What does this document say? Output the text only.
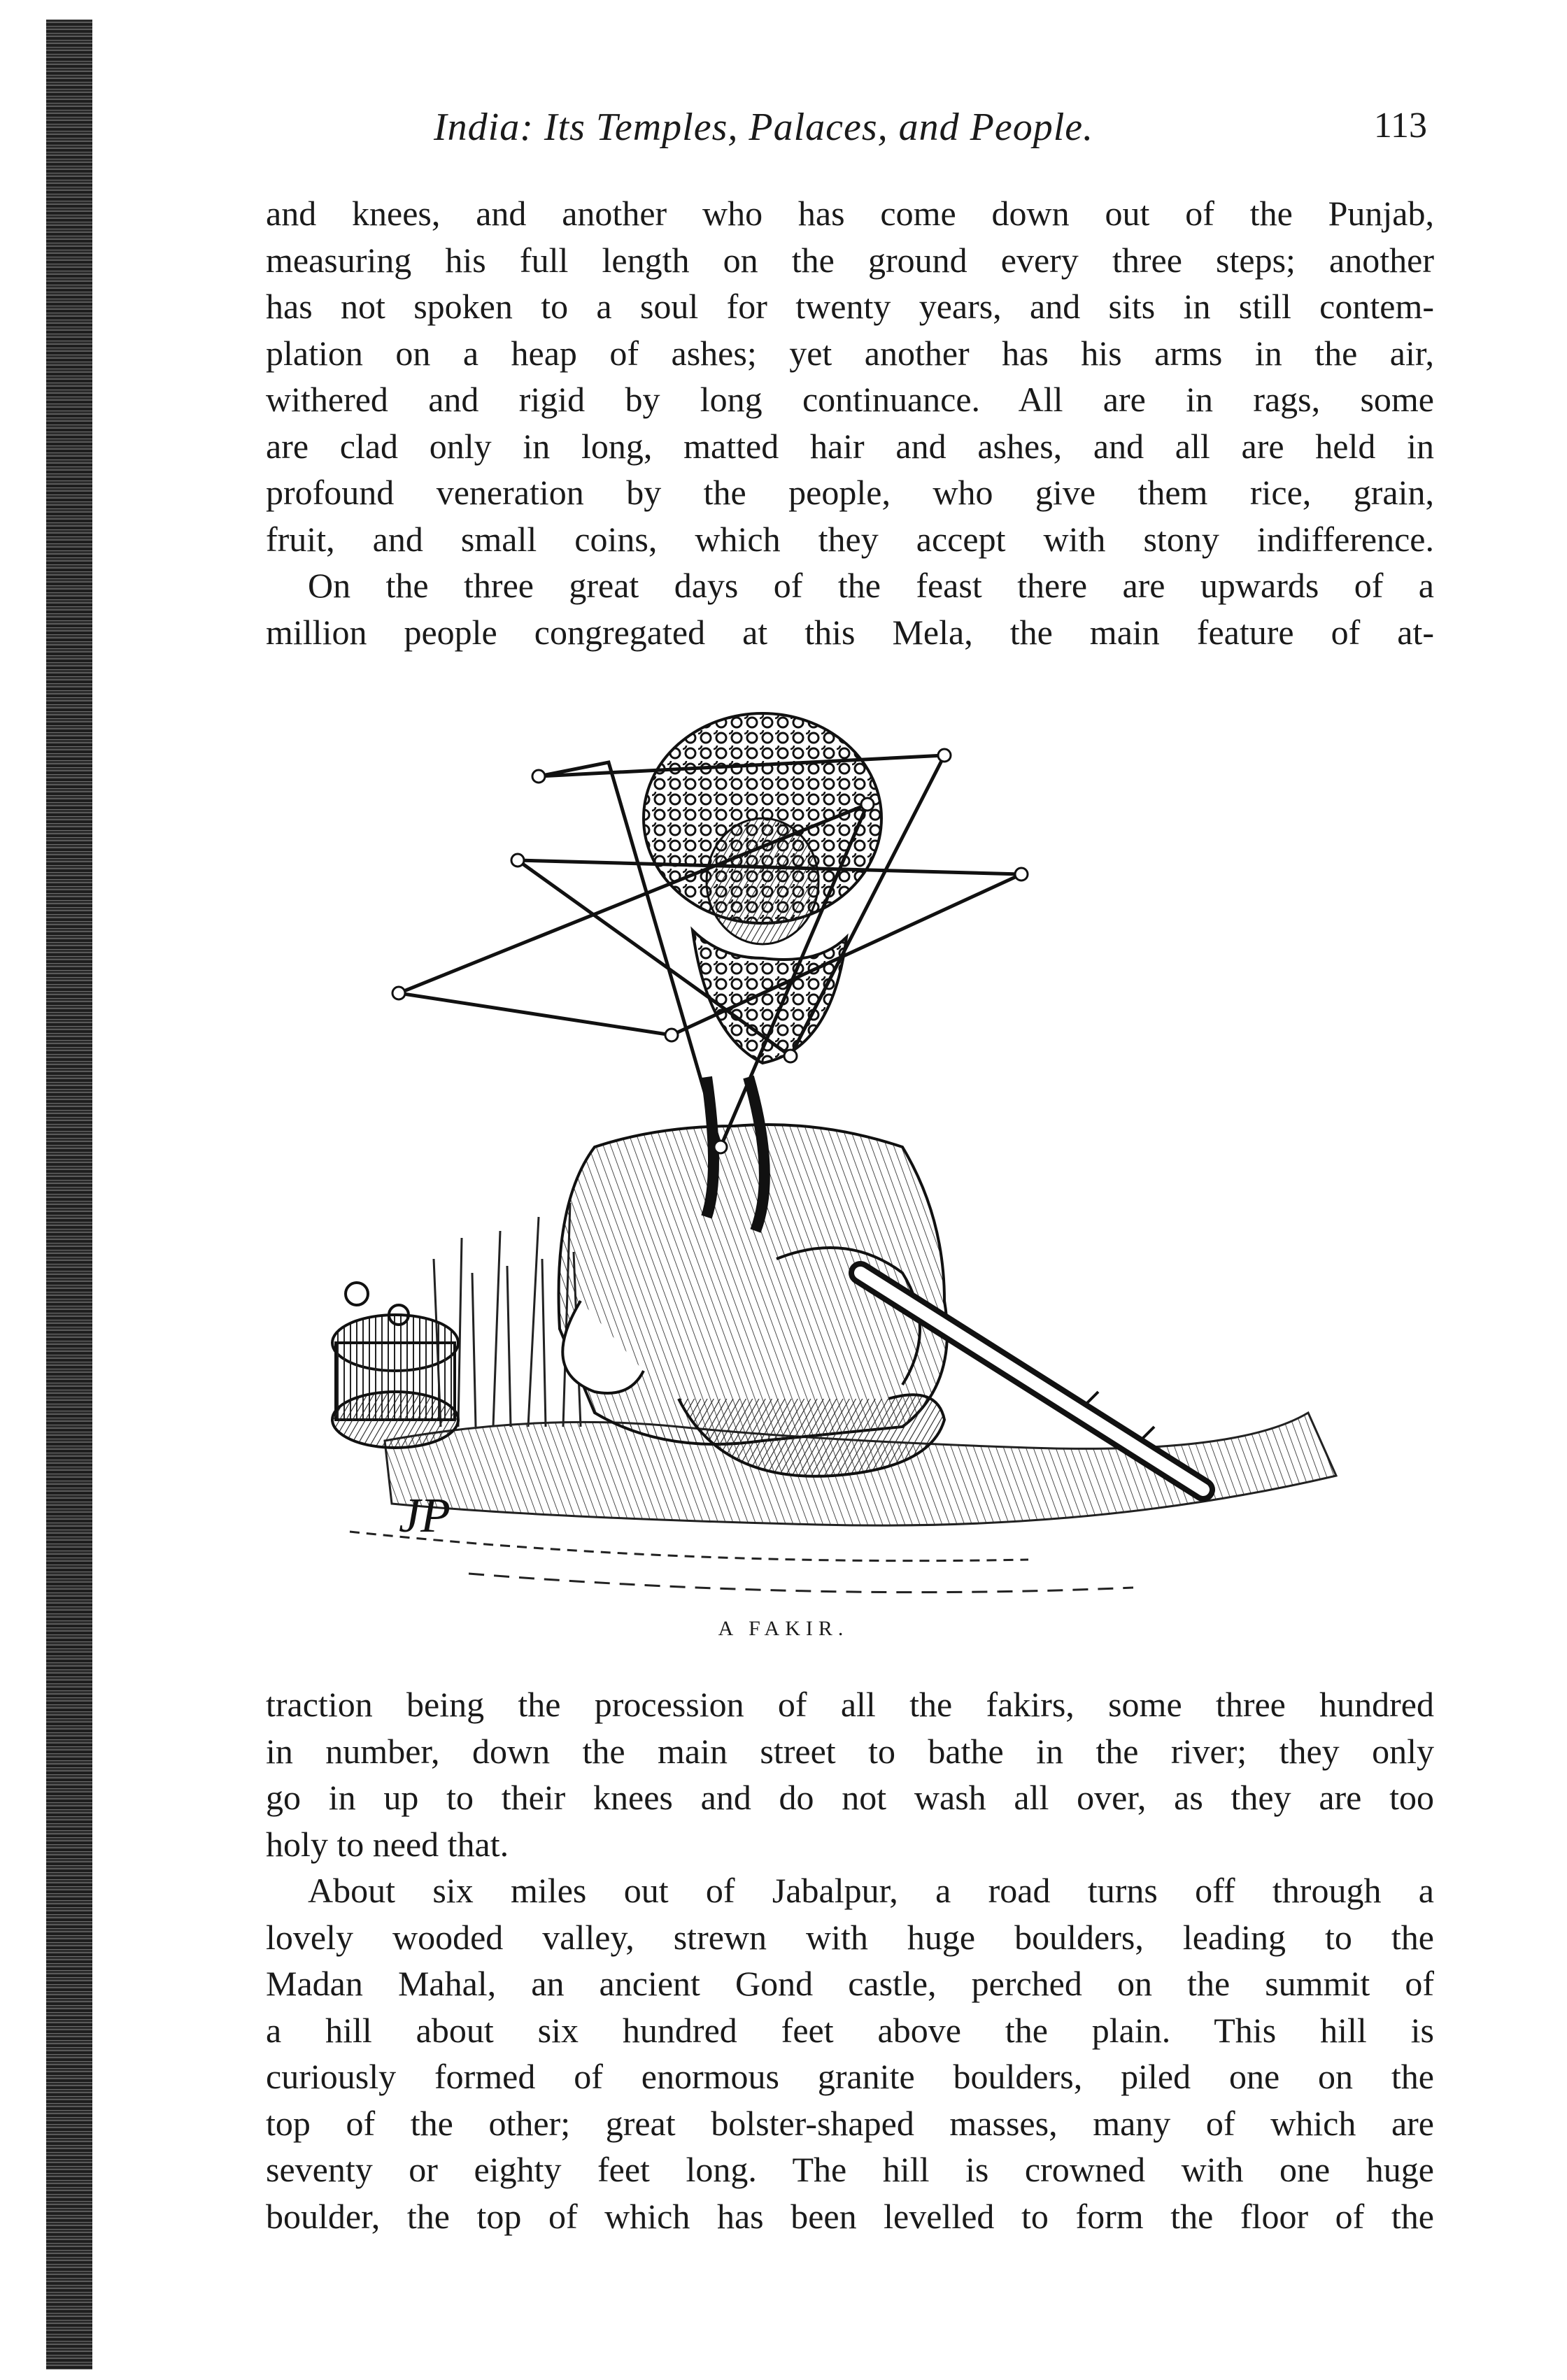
India: Its Temples, Palaces, and People.	113
and knees, and another who has come down out of the Punjab,
measuring his full length on the ground every three steps; another
has not spoken to a soul for twenty years, and sits in still contem-
plation on a heap of ashes; yet another has his arms in the air,
withered and rigid by long continuance. All are in rags, some
are clad only in long, matted hair and ashes, and all are held in
profound veneration by the people, who give them rice, grain,
fruit, and small coins, which they accept with stony indifference.
On the three great days of the feast there are upwards of a
million people congregated at this Mela, the main feature of at-
JP
A FAKIR.
traction being the procession of all the fakirs, some three hundred
in number, down the main street to bathe in the river; they only
go in up to their knees and do not wash all over, as they are too
holy to need that.
About six miles out of Jabalpur, a road turns off through a
lovely wooded valley, strewn with huge boulders, leading to the
Madan Mahal, an ancient Gond castle, perched on the summit of
a hill about six hundred feet above the plain. This hill is
curiously formed of enormous granite boulders, piled one on the
top of the other; great bolster-shaped masses, many of which are
seventy or eighty feet long. The hill is crowned with one huge
boulder, the top of which has been levelled to form the floor of the
